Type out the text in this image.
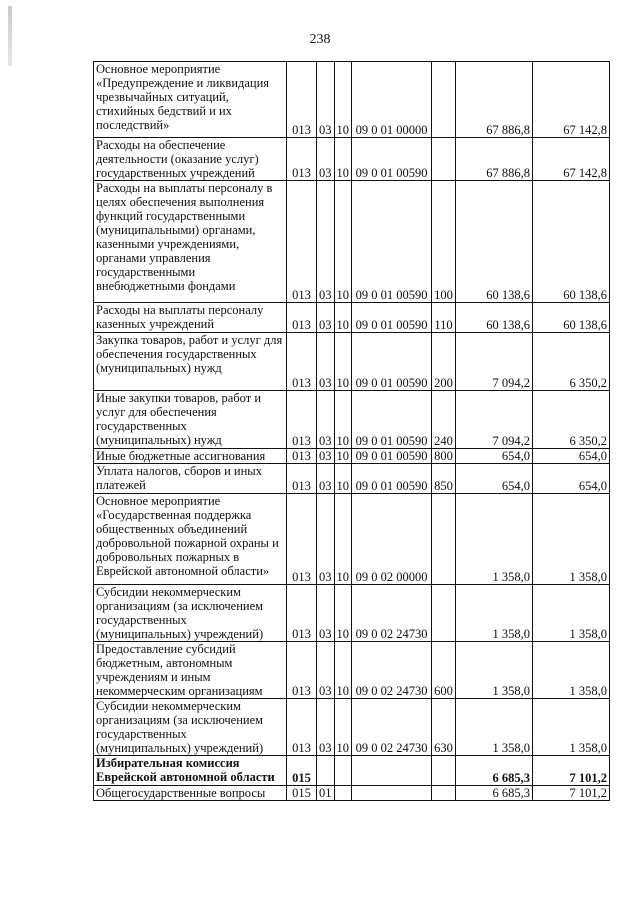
238
Основное мероприятие «Предупреждение и ликвидация чрезвычайных ситуаций, стихийных бедствий и их последствий»	013	03	10	09 0 01 00000		67 886,8	67 142,8
Расходы на обеспечение деятельности (оказание услуг) государственных учреждений	013	03	10	09 0 01 00590		67 886,8	67 142,8
Расходы на выплаты персоналу в целях обеспечения выполнения функций государственными (муниципальными) органами, казенными учреждениями, органами управления государственными внебюджетными фондами	013	03	10	09 0 01 00590	100	60 138,6	60 138,6
Расходы на выплаты персоналу казенных учреждений	013	03	10	09 0 01 00590	110	60 138,6	60 138,6
Закупка товаров, работ и услуг для обеспечения государственных (муниципальных) нужд	013	03	10	09 0 01 00590	200	7 094,2	6 350,2
Иные закупки товаров, работ и услуг для обеспечения государственных (муниципальных) нужд	013	03	10	09 0 01 00590	240	7 094,2	6 350,2
Иные бюджетные ассигнования	013	03	10	09 0 01 00590	800	654,0	654,0
Уплата налогов, сборов и иных платежей	013	03	10	09 0 01 00590	850	654,0	654,0
Основное мероприятие «Государственная поддержка общественных объединений добровольной пожарной охраны и добровольных пожарных в Еврейской автономной области»	013	03	10	09 0 02 00000		1 358,0	1 358,0
Субсидии некоммерческим организациям (за исключением государственных (муниципальных) учреждений)	013	03	10	09 0 02 24730		1 358,0	1 358,0
Предоставление субсидий бюджетным, автономным учреждениям и иным некоммерческим организациям	013	03	10	09 0 02 24730	600	1 358,0	1 358,0
Субсидии некоммерческим организациям (за исключением государственных (муниципальных) учреждений)	013	03	10	09 0 02 24730	630	1 358,0	1 358,0
Избирательная комиссия Еврейской автономной области	015					6 685,3	7 101,2
Общегосударственные вопросы	015	01				6 685,3	7 101,2
